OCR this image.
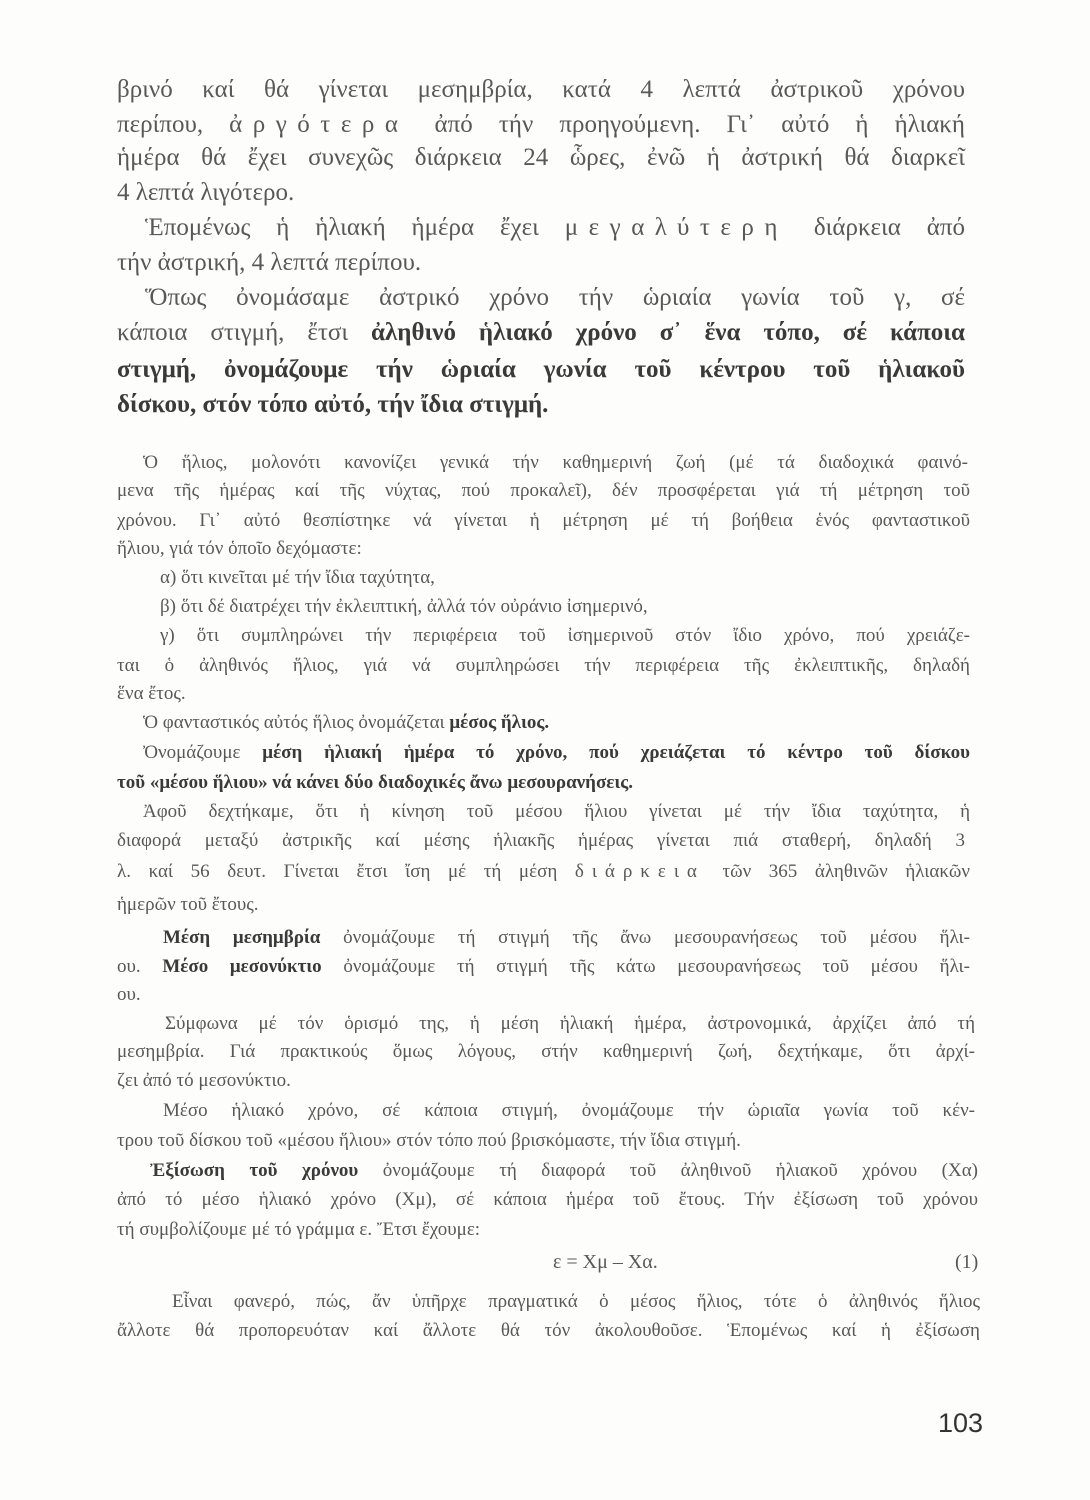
βρινό καί θά γίνεται μεσημβρία, κατά 4 λεπτά ἀστρικοῦ χρόνου
περίπου, ἀργότερα ἀπό τήν προηγούμενη. Γι᾽ αὐτό ἡ ἡλιακή
ἡμέρα θά ἔχει συνεχῶς διάρκεια 24 ὧρες, ἐνῶ ἡ ἀστρική θά διαρκεῖ
4 λεπτά λιγότερο.
Ἑπομένως ἡ ἡλιακή ἡμέρα ἔχει μεγαλύτερη διάρκεια ἀπό
τήν ἀστρική, 4 λεπτά περίπου.
Ὅπως ὀνομάσαμε ἀστρικό χρόνο τήν ὡριαία γωνία τοῦ γ, σέ
κάποια στιγμή, ἔτσι ἀληθινό ἡλιακό χρόνο σ᾽ ἕνα τόπο, σέ κάποια
στιγμή, ὀνομάζουμε τήν ὡριαία γωνία τοῦ κέντρου τοῦ ἡλιακοῦ
δίσκου, στόν τόπο αὐτό, τήν ἴδια στιγμή.
Ὁ ἥλιος, μολονότι κανονίζει γενικά τήν καθημερινή ζωή (μέ τά διαδοχικά φαινό-
μενα τῆς ἡμέρας καί τῆς νύχτας, πού προκαλεῖ), δέν προσφέρεται γιά τή μέτρηση τοῦ
χρόνου. Γι᾽ αὐτό θεσπίστηκε νά γίνεται ἡ μέτρηση μέ τή βοήθεια ἑνός φανταστικοῦ
ἥλιου, γιά τόν ὁποῖο δεχόμαστε:
α) ὅτι κινεῖται μέ τήν ἴδια ταχύτητα,
β) ὅτι δέ διατρέχει τήν ἐκλειπτική, ἀλλά τόν οὐράνιο ἰσημερινό,
γ) ὅτι συμπληρώνει τήν περιφέρεια τοῦ ἰσημερινοῦ στόν ἴδιο χρόνο, πού χρειάζε-
ται ὁ ἀληθινός ἥλιος, γιά νά συμπληρώσει τήν περιφέρεια τῆς ἐκλειπτικῆς, δηλαδή
ἕνα ἔτος.
Ὁ φανταστικός αὐτός ἥλιος ὀνομάζεται μέσος ἥλιος.
Ὀνομάζουμε μέση ἡλιακή ἡμέρα τό χρόνο, πού χρειάζεται τό κέντρο τοῦ δίσκου
τοῦ «μέσου ἥλιου» νά κάνει δύο διαδοχικές ἄνω μεσουρανήσεις.
Ἀφοῦ δεχτήκαμε, ὅτι ἡ κίνηση τοῦ μέσου ἥλιου γίνεται μέ τήν ἴδια ταχύτητα, ἡ
διαφορά μεταξύ ἀστρικῆς καί μέσης ἡλιακῆς ἡμέρας γίνεται πιά σταθερή, δηλαδή 3
λ. καί 56 δευτ. Γίνεται ἔτσι ἴση μέ τή μέση διάρκεια τῶν 365 ἀληθινῶν ἡλιακῶν
ἡμερῶν τοῦ ἔτους.
Μέση μεσημβρία ὀνομάζουμε τή στιγμή τῆς ἄνω μεσουρανήσεως τοῦ μέσου ἥλι-
ου. Μέσο μεσονύκτιο ὀνομάζουμε τή στιγμή τῆς κάτω μεσουρανήσεως τοῦ μέσου ἥλι-
ου.
Σύμφωνα μέ τόν ὁρισμό της, ἡ μέση ἡλιακή ἡμέρα, ἀστρονομικά, ἀρχίζει ἀπό τή
μεσημβρία. Γιά πρακτικούς ὅμως λόγους, στήν καθημερινή ζωή, δεχτήκαμε, ὅτι ἀρχί-
ζει ἀπό τό μεσονύκτιο.
Μέσο ἡλιακό χρόνο, σέ κάποια στιγμή, ὀνομάζουμε τήν ὡριαῖα γωνία τοῦ κέν-
τρου τοῦ δίσκου τοῦ «μέσου ἥλιου» στόν τόπο πού βρισκόμαστε, τήν ἴδια στιγμή.
Ἐξίσωση τοῦ χρόνου ὀνομάζουμε τή διαφορά τοῦ ἀληθινοῦ ἡλιακοῦ χρόνου (Χα)
ἀπό τό μέσο ἡλιακό χρόνο (Χμ), σέ κάποια ἡμέρα τοῦ ἔτους. Τήν ἐξίσωση τοῦ χρόνου
τή συμβολίζουμε μέ τό γράμμα ε. Ἔτσι ἔχουμε:
ε = Χμ – Χα.	(1)
Εἶναι φανερό, πώς, ἄν ὑπῆρχε πραγματικά ὁ μέσος ἥλιος, τότε ὁ ἀληθινός ἥλιος
ἄλλοτε θά προπορευόταν καί ἄλλοτε θά τόν ἀκολουθοῦσε. Ἑπομένως καί ἡ ἐξίσωση
103
